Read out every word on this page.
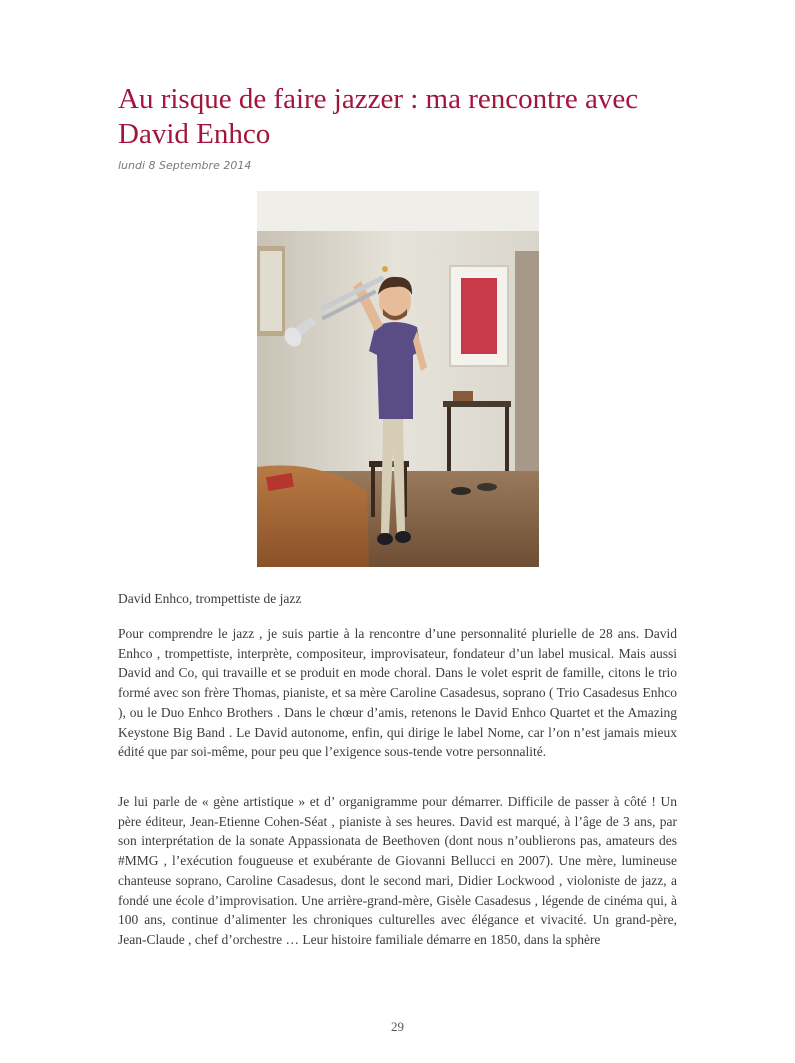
Au risque de faire jazzer : ma rencontre avec David Enhco

lundi 8 Septembre 2014

David Enhco, trompettiste de jazz

Pour comprendre le jazz , je suis partie à la rencontre d’une personnalité plurielle de 28 ans. David Enhco , trompettiste, interprète, compositeur, improvisateur, fondateur d’un label musical. Mais aussi David and Co, qui travaille et se produit en mode choral. Dans le volet esprit de famille, citons le trio formé avec son frère Thomas, pianiste, et sa mère Caroline Casadesus, soprano ( Trio Casadesus Enhco ), ou le Duo Enhco Brothers . Dans le chœur d’amis, retenons le David Enhco Quartet et the Amazing Keystone Big Band . Le David autonome, enfin, qui dirige le label Nome, car l’on n’est jamais mieux édité que par soi-même, pour peu que l’exigence sous-tende votre personnalité.

Je lui parle de « gène artistique » et d’ organigramme pour démarrer. Difficile de passer à côté ! Un père éditeur, Jean-Etienne Cohen-Séat , pianiste à ses heures. David est marqué, à l’âge de 3 ans, par son interprétation de la sonate Appassionata de Beethoven (dont nous n’oublierons pas, amateurs des #MMG , l’exécution fougueuse et exubérante de Giovanni Bellucci en 2007). Une mère, lumineuse chanteuse soprano, Caroline Casadesus, dont le second mari, Didier Lockwood , violoniste de jazz, a fondé une école d’improvisation. Une arrière-grand-mère, Gisèle Casadesus , légende de cinéma qui, à 100 ans, continue d’alimenter les chroniques culturelles avec élégance et vivacité. Un grand-père, Jean-Claude , chef d’orchestre … Leur histoire familiale démarre en 1850, dans la sphère

29
